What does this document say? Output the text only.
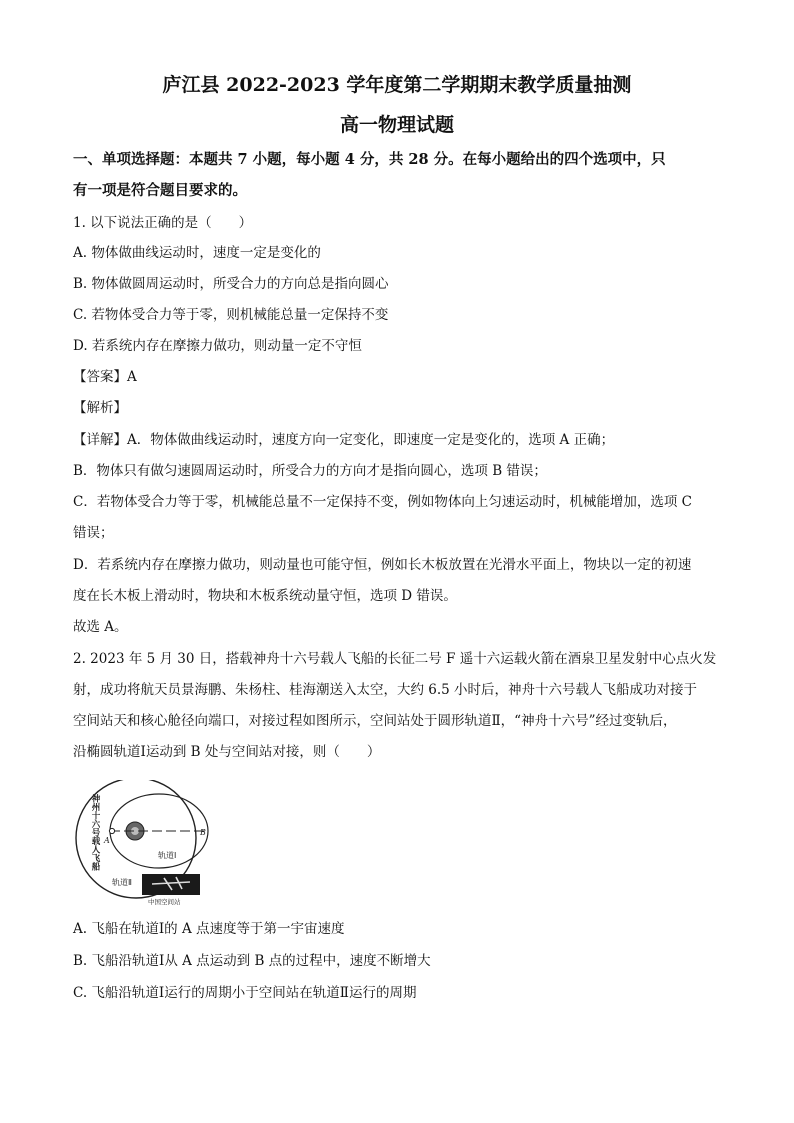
庐江县 2022-2023 学年度第二学期期末教学质量抽测
高一物理试题
一、单项选择题：本题共 7 小题，每小题 4 分，共 28 分。在每小题给出的四个选项中，只
有一项是符合题目要求的。
1. 以下说法正确的是（　　）
A. 物体做曲线运动时，速度一定是变化的
B. 物体做圆周运动时，所受合力的方向总是指向圆心
C. 若物体受合力等于零，则机械能总量一定保持不变
D. 若系统内存在摩擦力做功，则动量一定不守恒
【答案】A
【解析】
【详解】A．物体做曲线运动时，速度方向一定变化，即速度一定是变化的，选项 A 正确；
B．物体只有做匀速圆周运动时，所受合力的方向才是指向圆心，选项 B 错误；
C．若物体受合力等于零，机械能总量不一定保持不变，例如物体向上匀速运动时，机械能增加，选项 C
错误；
D．若系统内存在摩擦力做功，则动量也可能守恒，例如长木板放置在光滑水平面上，物块以一定的初速
度在长木板上滑动时，物块和木板系统动量守恒，选项 D 错误。
故选 A。
2. 2023 年 5 月 30 日，搭载神舟十六号载人飞船的长征二号 F 遥十六运载火箭在酒泉卫星发射中心点火发
射，成功将航天员景海鹏、朱杨柱、桂海潮送入太空，大约 6.5 小时后，神舟十六号载人飞船成功对接于
空间站天和核心舱径向端口，对接过程如图所示，空间站处于圆形轨道Ⅱ，“神舟十六号”经过变轨后，
沿椭圆轨道Ⅰ运动到 B 处与空间站对接，则（　　）
神州十六号载人飞船 A
B
轨道Ⅰ
轨道Ⅱ
中国空间站
A. 飞船在轨道Ⅰ的 A 点速度等于第一宇宙速度
B. 飞船沿轨道Ⅰ从 A 点运动到 B 点的过程中，速度不断增大
C. 飞船沿轨道Ⅰ运行的周期小于空间站在轨道Ⅱ运行的周期
